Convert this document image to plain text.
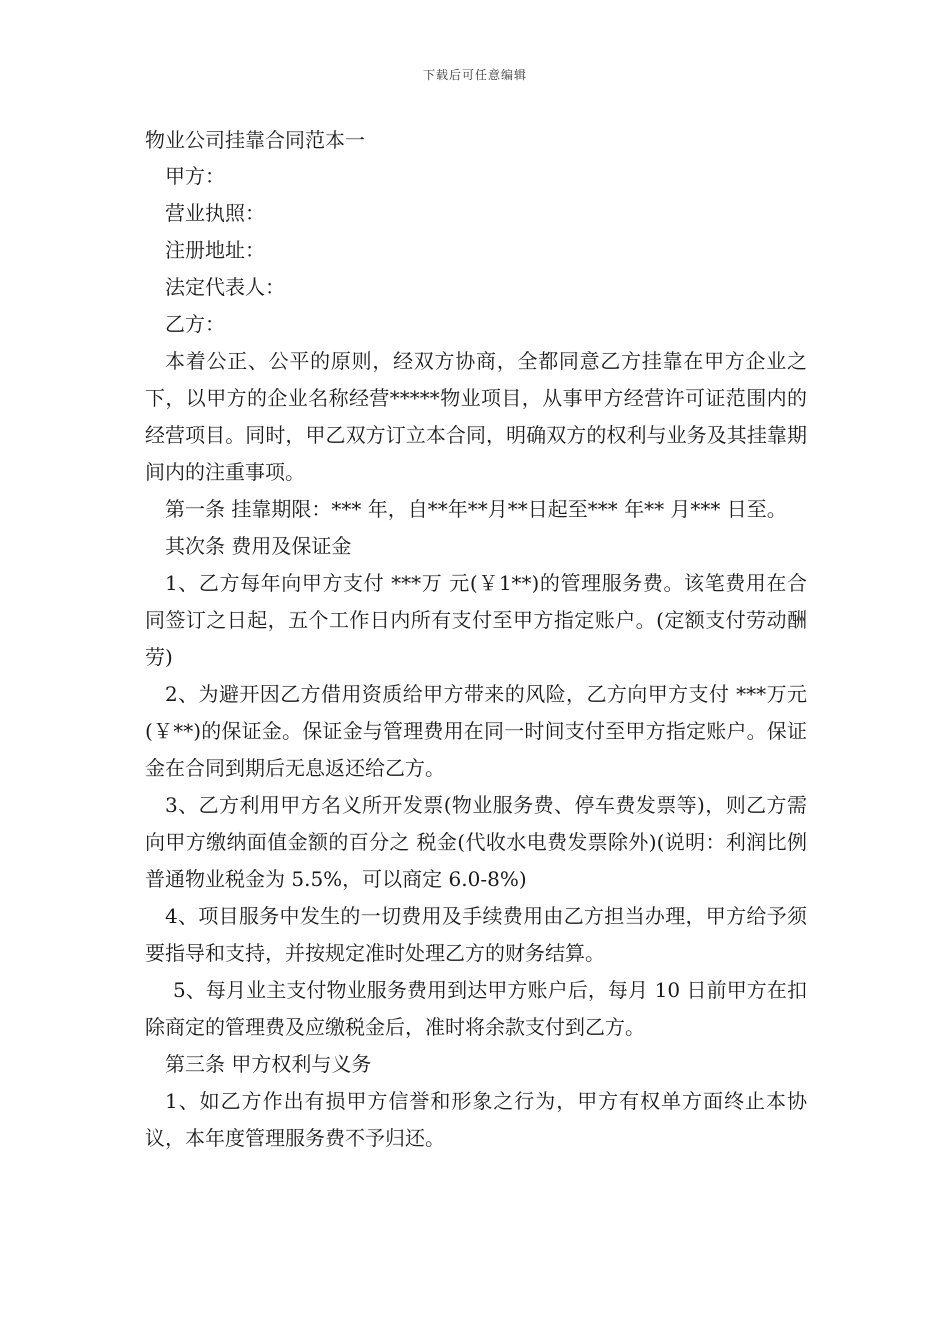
下载后可任意编辑
物业公司挂靠合同范本一
甲方：
营业执照：
注册地址：
法定代表人：
乙方：
本着公正、公平的原则，经双方协商，全都同意乙方挂靠在甲方企业之下，以甲方的企业名称经营*****物业项目，从事甲方经营许可证范围内的经营项目。同时，甲乙双方订立本合同，明确双方的权利与业务及其挂靠期间内的注重事项。
第一条 挂靠期限：*** 年，自**年**月**日起至*** 年** 月*** 日至。
其次条 费用及保证金
1、乙方每年向甲方支付 ***万 元(￥1**)的管理服务费。该笔费用在合同签订之日起，五个工作日内所有支付至甲方指定账户。(定额支付劳动酬劳)
2、为避开因乙方借用资质给甲方带来的风险，乙方向甲方支付 ***万元(￥**)的保证金。保证金与管理费用在同一时间支付至甲方指定账户。保证金在合同到期后无息返还给乙方。
3、乙方利用甲方名义所开发票(物业服务费、停车费发票等)，则乙方需向甲方缴纳面值金额的百分之 税金(代收水电费发票除外)(说明：利润比例普通物业税金为 5.5%，可以商定 6.0-8%)
4、项目服务中发生的一切费用及手续费用由乙方担当办理，甲方给予须要指导和支持，并按规定准时处理乙方的财务结算。
5、每月业主支付物业服务费用到达甲方账户后，每月 10 日前甲方在扣除商定的管理费及应缴税金后，准时将余款支付到乙方。
第三条 甲方权利与义务
1、如乙方作出有损甲方信誉和形象之行为，甲方有权单方面终止本协议，本年度管理服务费不予归还。
